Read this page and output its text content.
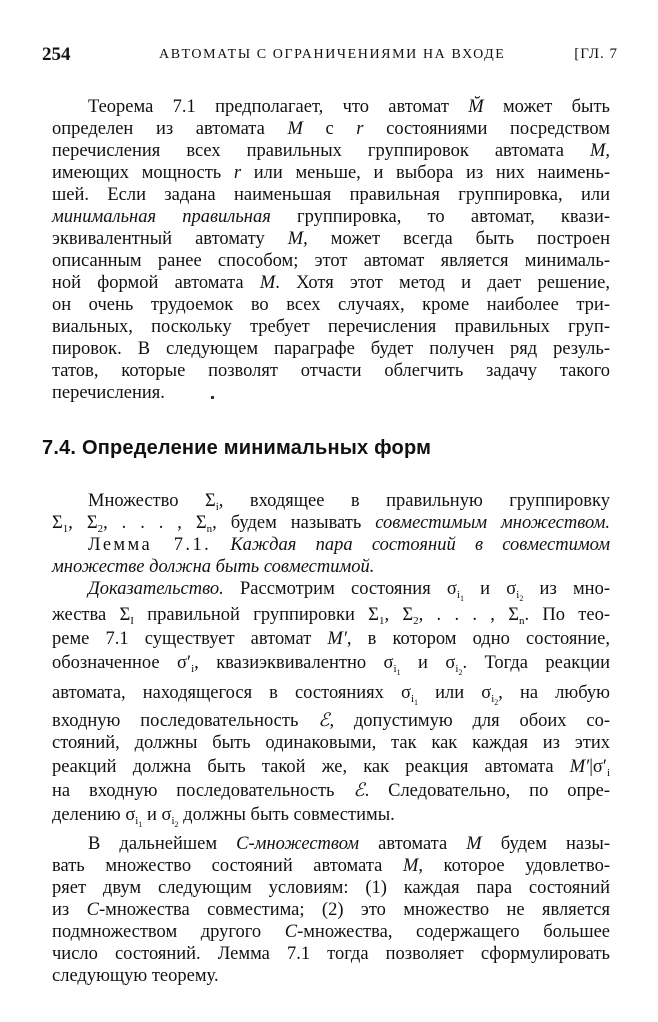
254	АВТОМАТЫ С ОГРАНИЧЕНИЯМИ НА ВХОДЕ	[ГЛ. 7
Теорема 7.1 предполагает, что автомат M̆ может быть
определен из автомата M с r состояниями посредством
перечисления всех правильных группировок автомата M,
имеющих мощность r или меньше, и выбора из них наимень-
шей. Если задана наименьшая правильная группировка, или
минимальная правильная группировка, то автомат, квази-
эквивалентный автомату M, может всегда быть построен
описанным ранее способом; этот автомат является минималь-
ной формой автомата M. Хотя этот метод и дает решение,
он очень трудоемок во всех случаях, кроме наиболее три-
виальных, поскольку требует перечисления правильных груп-
пировок. В следующем параграфе будет получен ряд резуль-
татов, которые позволят отчасти облегчить задачу такого
перечисления.
7.4. Определение минимальных форм
Множество $\Sigma_i$, входящее в правильную группировку
$\Sigma_1$, $\Sigma_2$, . . . , $\Sigma_n$, будем называть совместимым множеством.
Лемма 7.1. Каждая пара состояний в совместимом
множестве должна быть совместимой.
Доказательство. Рассмотрим состояния $\sigma_{i_1}$ и $\sigma_{i_2}$ из мно-
жества $\Sigma_I$ правильной группировки $\Sigma_1$, $\Sigma_2$, . . . , $\Sigma_n$. По тео-
реме 7.1 существует автомат M′, в котором одно состояние,
обозначенное $\sigma'_i$, квазиэквивалентно $\sigma_{i_1}$ и $\sigma_{i_2}$. Тогда реакции
автомата, находящегося в состояниях $\sigma_{i_1}$ или $\sigma_{i_2}$, на любую
входную последовательность ℰ, допустимую для обоих со-
стояний, должны быть одинаковыми, так как каждая из этих
реакций должна быть такой же, как реакция автомата $M'|\sigma'_i$
на входную последовательность ℰ. Следовательно, по опре-
делению $\sigma_{i_1}$ и $\sigma_{i_2}$ должны быть совместимы.
В дальнейшем C-множеством автомата M будем назы-
вать множество состояний автомата M, которое удовлетво-
ряет двум следующим условиям: (1) каждая пара состояний
из C-множества совместима; (2) это множество не является
подмножеством другого C-множества, содержащего большее
число состояний. Лемма 7.1 тогда позволяет сформулировать
следующую теорему.
